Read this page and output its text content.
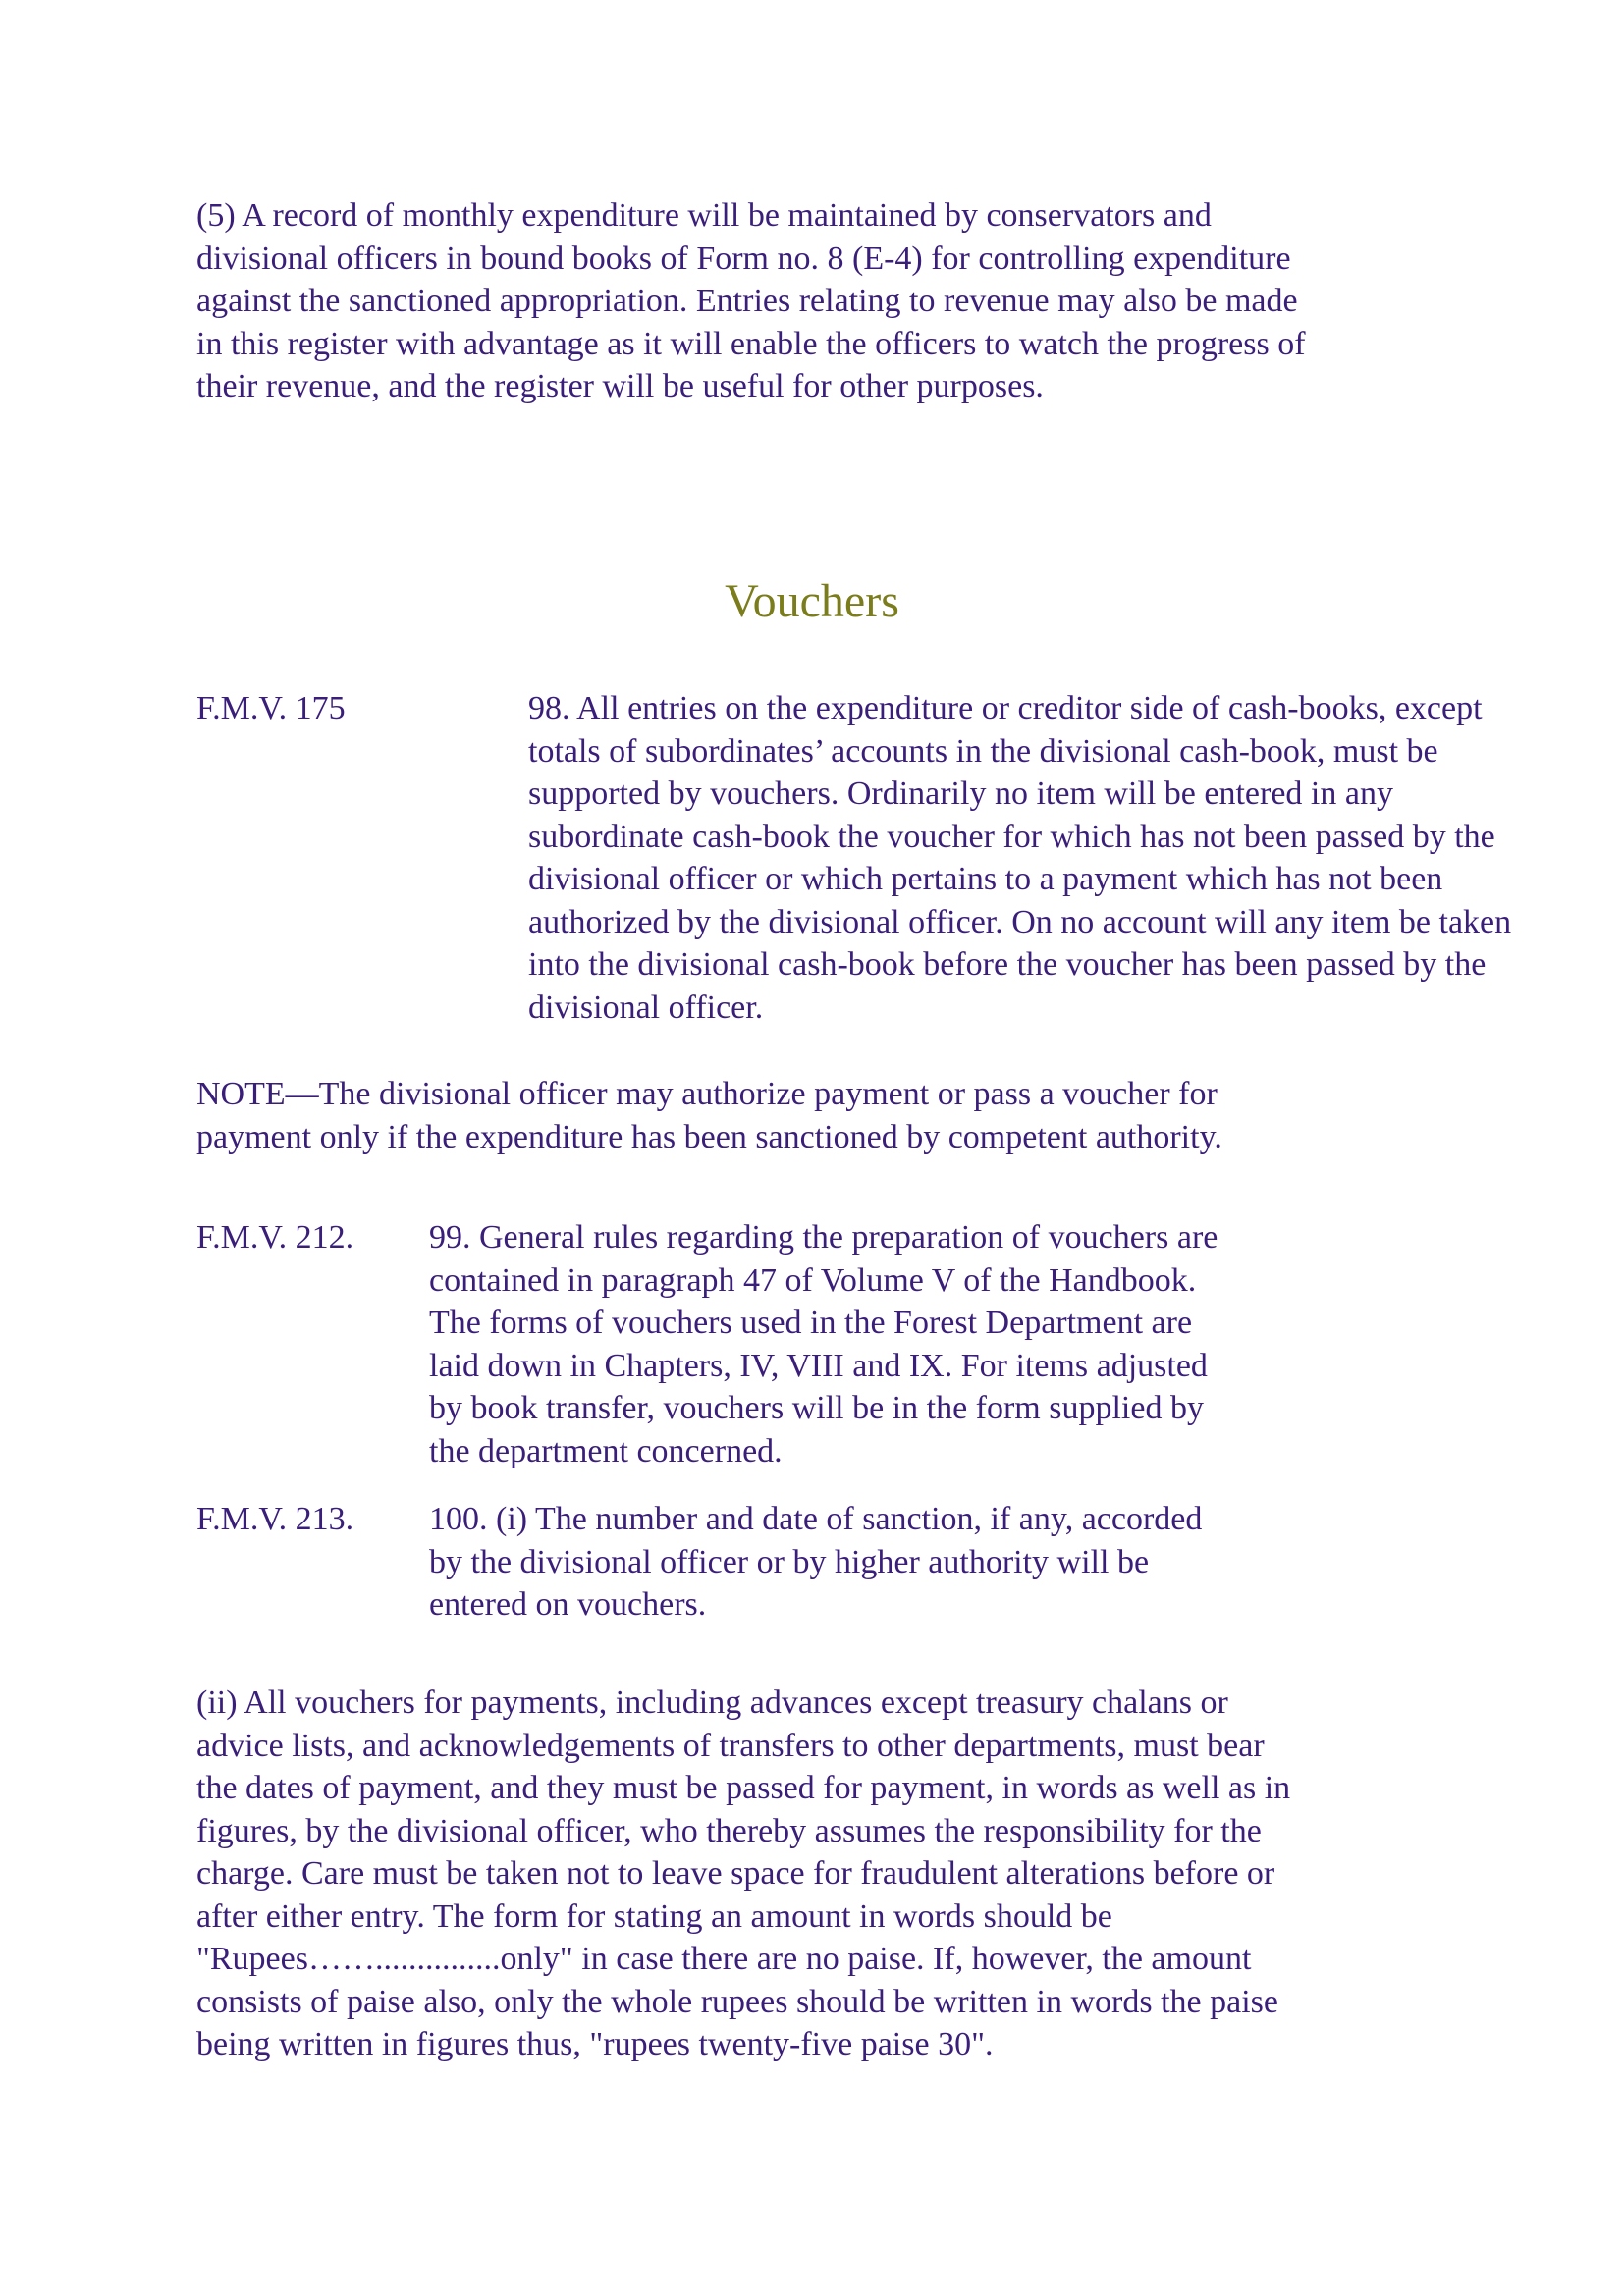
(5) A record of monthly expenditure will be maintained by conservators and
divisional officers in bound books of Form no. 8 (E-4) for controlling expenditure
against the sanctioned appropriation. Entries relating to revenue may also be made
in this register with advantage as it will enable the officers to watch the progress of
their revenue, and the register will be useful for other purposes.
Vouchers
F.M.V. 175	98. All entries on the expenditure or creditor side of cash-books, except
totals of subordinates’ accounts in the divisional cash-book, must be
supported by vouchers. Ordinarily no item will be entered in any
subordinate cash-book the voucher for which has not been passed by the
divisional officer or which pertains to a payment which has not been
authorized by the divisional officer. On no account will any item be taken
into the divisional cash-book before the voucher has been passed by the
divisional officer.
NOTE—The divisional officer may authorize payment or pass a voucher for
payment only if the expenditure has been sanctioned by competent authority.
F.M.V. 212. 99. General rules regarding the preparation of vouchers are
contained in paragraph 47 of Volume V of the Handbook.
The forms of vouchers used in the Forest Department are
laid down in Chapters, IV, VIII and IX. For items adjusted
by book transfer, vouchers will be in the form supplied by
the department concerned.
F.M.V. 213. 100. (i) The number and date of sanction, if any, accorded
by the divisional officer or by higher authority will be
entered on vouchers.
(ii) All vouchers for payments, including advances except treasury chalans or
advice lists, and acknowledgements of transfers to other departments, must bear
the dates of payment, and they must be passed for payment, in words as well as in
figures, by the divisional officer, who thereby assumes the responsibility for the
charge. Care must be taken not to leave space for fraudulent alterations before or
after either entry. The form for stating an amount in words should be
"Rupees……...............only" in case there are no paise. If, however, the amount
consists of paise also, only the whole rupees should be written in words the paise
being written in figures thus, "rupees twenty-five paise 30".
